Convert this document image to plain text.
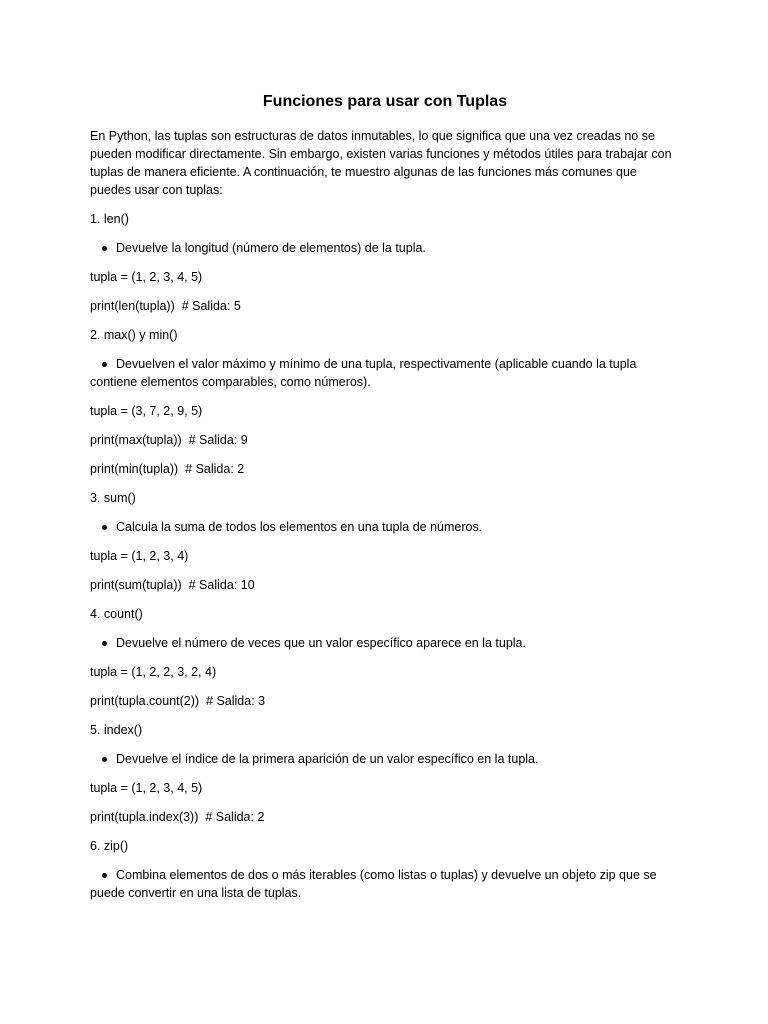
Funciones para usar con Tuplas
En Python, las tuplas son estructuras de datos inmutables, lo que significa que una vez creadas no se pueden modificar directamente. Sin embargo, existen varias funciones y métodos útiles para trabajar con tuplas de manera eficiente. A continuación, te muestro algunas de las funciones más comunes que puedes usar con tuplas:
1. len()
Devuelve la longitud (número de elementos) de la tupla.
tupla = (1, 2, 3, 4, 5)
print(len(tupla))  # Salida: 5
2. max() y min()
Devuelven el valor máximo y mínimo de una tupla, respectivamente (aplicable cuando la tupla contiene elementos comparables, como números).
tupla = (3, 7, 2, 9, 5)
print(max(tupla))  # Salida: 9
print(min(tupla))  # Salida: 2
3. sum()
Calcula la suma de todos los elementos en una tupla de números.
tupla = (1, 2, 3, 4)
print(sum(tupla))  # Salida: 10
4. count()
Devuelve el número de veces que un valor específico aparece en la tupla.
tupla = (1, 2, 2, 3, 2, 4)
print(tupla.count(2))  # Salida: 3
5. index()
Devuelve el índice de la primera aparición de un valor específico en la tupla.
tupla = (1, 2, 3, 4, 5)
print(tupla.index(3))  # Salida: 2
6. zip()
Combina elementos de dos o más iterables (como listas o tuplas) y devuelve un objeto zip que se puede convertir en una lista de tuplas.
